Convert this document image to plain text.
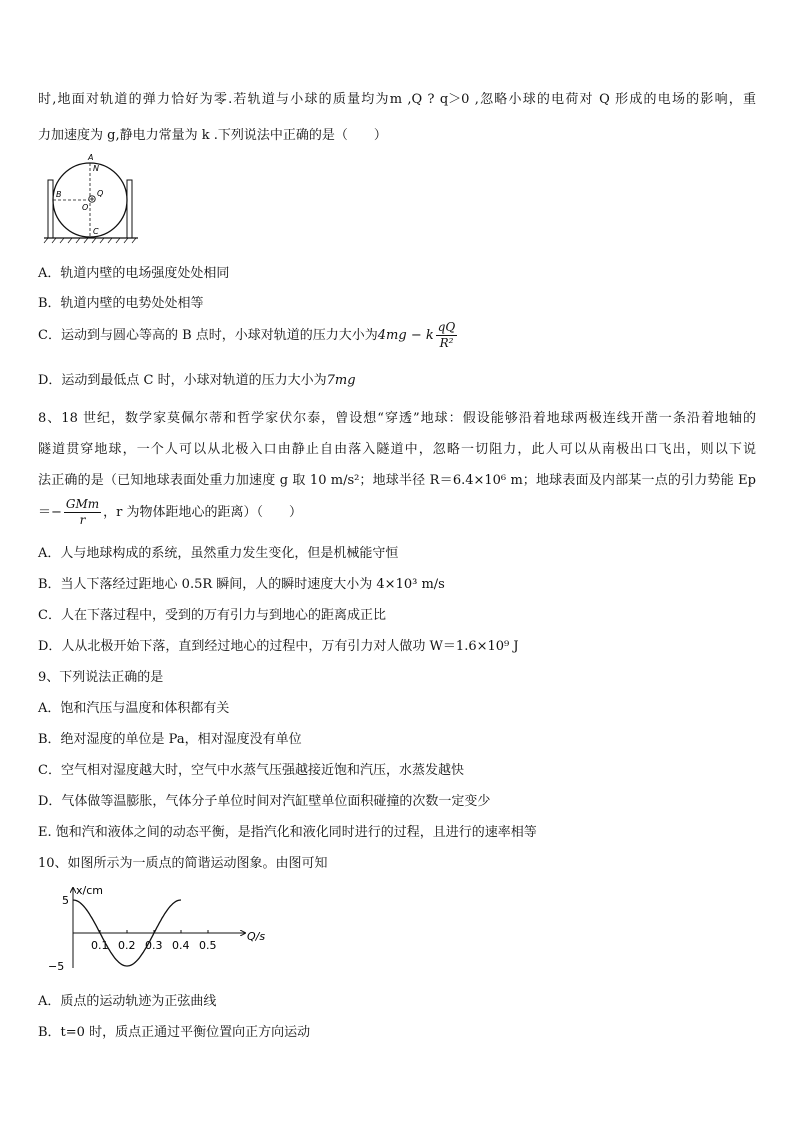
时,地面对轨道的弹力恰好为零.若轨道与小球的质量均为m ,Q ? q＞0 ,忽略小球的电荷对 Q 形成的电场的影响，重
力加速度为 g,静电力常量为 k .下列说法中正确的是（　　）
A
N
B	Q
O
C
A．轨道内壁的电场强度处处相同
B．轨道内壁的电势处处相等
C．运动到与圆心等高的 B 点时，小球对轨道的压力大小为4mg − k $\frac{qQ}{\text{R²}}$
D．运动到最低点 C 时，小球对轨道的压力大小为7mg
8、18 世纪，数学家莫佩尔蒂和哲学家伏尔泰，曾设想“穿透”地球：假设能够沿着地球两极连线开凿一条沿着地轴的
隧道贯穿地球，一个人可以从北极入口由静止自由落入隧道中，忽略一切阻力，此人可以从南极出口飞出，则以下说
法正确的是（已知地球表面处重力加速度 g 取 10 m/s²；地球半径 R＝6.4×10⁶ m；地球表面及内部某一点的引力势能 Ep
＝− $\frac{\text{GMm}}{r}$ ，r 为物体距地心的距离）（　　）
A．人与地球构成的系统，虽然重力发生变化，但是机械能守恒
B．当人下落经过距地心 0.5R 瞬间，人的瞬时速度大小为 4×10³ m/s
C．人在下落过程中，受到的万有引力与到地心的距离成正比
D．人从北极开始下落，直到经过地心的过程中，万有引力对人做功 W＝1.6×10⁹ J
9、下列说法正确的是
A．饱和汽压与温度和体积都有关
B．绝对湿度的单位是 Pa，相对湿度没有单位
C．空气相对湿度越大时，空气中水蒸气压强越接近饱和汽压，水蒸发越快
D．气体做等温膨胀，气体分子单位时间对汽缸壁单位面积碰撞的次数一定变少
E. 饱和汽和液体之间的动态平衡，是指汽化和液化同时进行的过程，且进行的速率相等
10、如图所示为一质点的简谐运动图象。由图可知
x/cm
Q/s
0.1 0.2 0.3 0.4 0.5
5
−5
A．质点的运动轨迹为正弦曲线
B．t=0 时，质点正通过平衡位置向正方向运动
